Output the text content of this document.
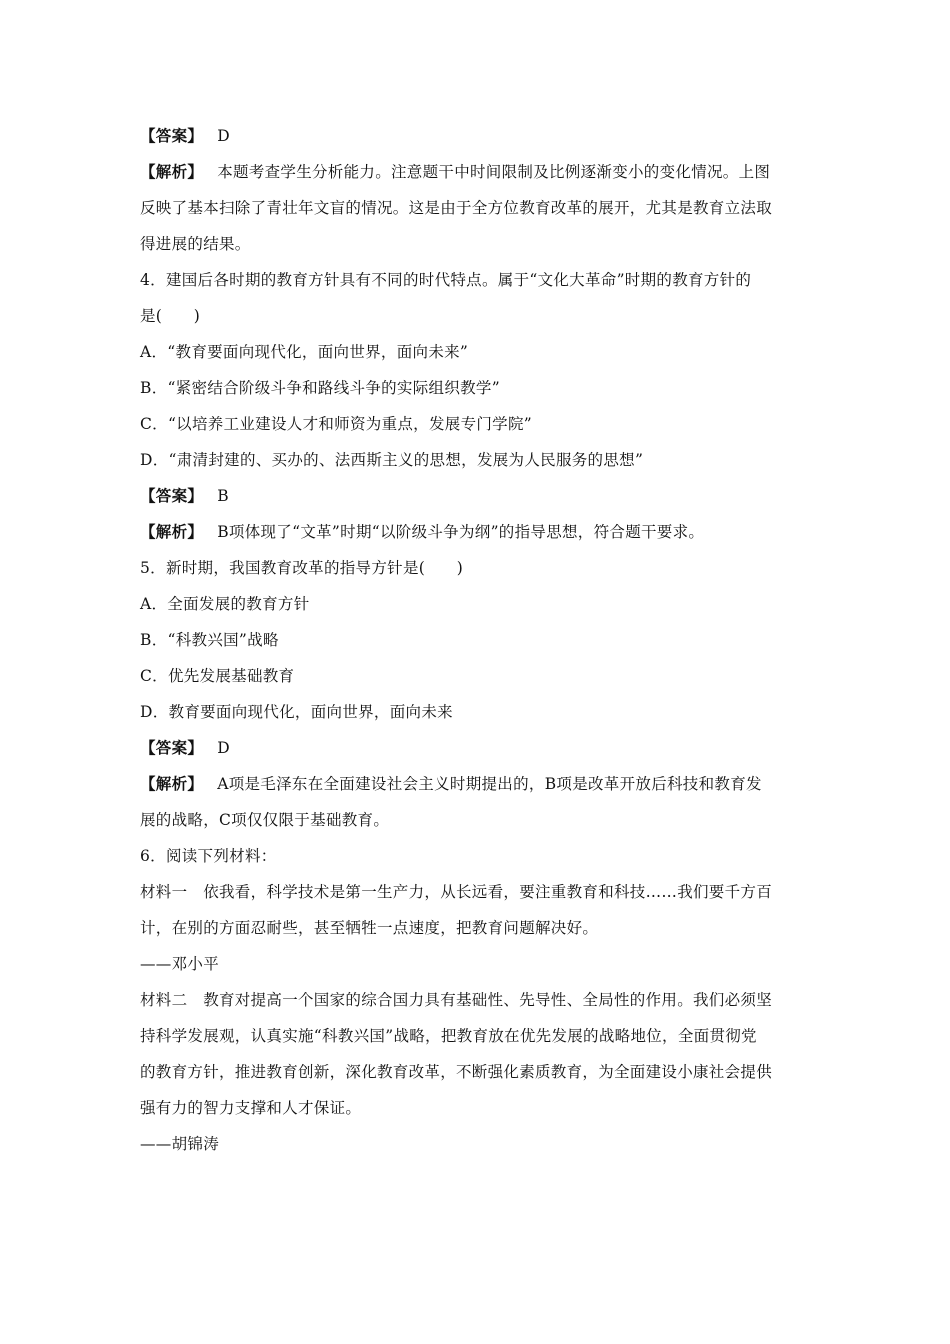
【答案】 D
【解析】 本题考查学生分析能力。注意题干中时间限制及比例逐渐变小的变化情况。上图
反映了基本扫除了青壮年文盲的情况。这是由于全方位教育改革的展开，尤其是教育立法取
得进展的结果。
4．建国后各时期的教育方针具有不同的时代特点。属于“文化大革命”时期的教育方针的
是(　　)
A．“教育要面向现代化，面向世界，面向未来”
B．“紧密结合阶级斗争和路线斗争的实际组织教学”
C．“以培养工业建设人才和师资为重点，发展专门学院”
D．“肃清封建的、买办的、法西斯主义的思想，发展为人民服务的思想”
【答案】 B
【解析】 B项体现了“文革”时期“以阶级斗争为纲”的指导思想，符合题干要求。
5．新时期，我国教育改革的指导方针是(　　)
A．全面发展的教育方针
B．“科教兴国”战略
C．优先发展基础教育
D．教育要面向现代化，面向世界，面向未来
【答案】 D
【解析】 A项是毛泽东在全面建设社会主义时期提出的，B项是改革开放后科技和教育发
展的战略，C项仅仅限于基础教育。
6．阅读下列材料：
材料一　依我看，科学技术是第一生产力，从长远看，要注重教育和科技……我们要千方百
计，在别的方面忍耐些，甚至牺牲一点速度，把教育问题解决好。
——邓小平
材料二　教育对提高一个国家的综合国力具有基础性、先导性、全局性的作用。我们必须坚
持科学发展观，认真实施“科教兴国”战略，把教育放在优先发展的战略地位，全面贯彻党
的教育方针，推进教育创新，深化教育改革，不断强化素质教育，为全面建设小康社会提供
强有力的智力支撑和人才保证。
——胡锦涛
